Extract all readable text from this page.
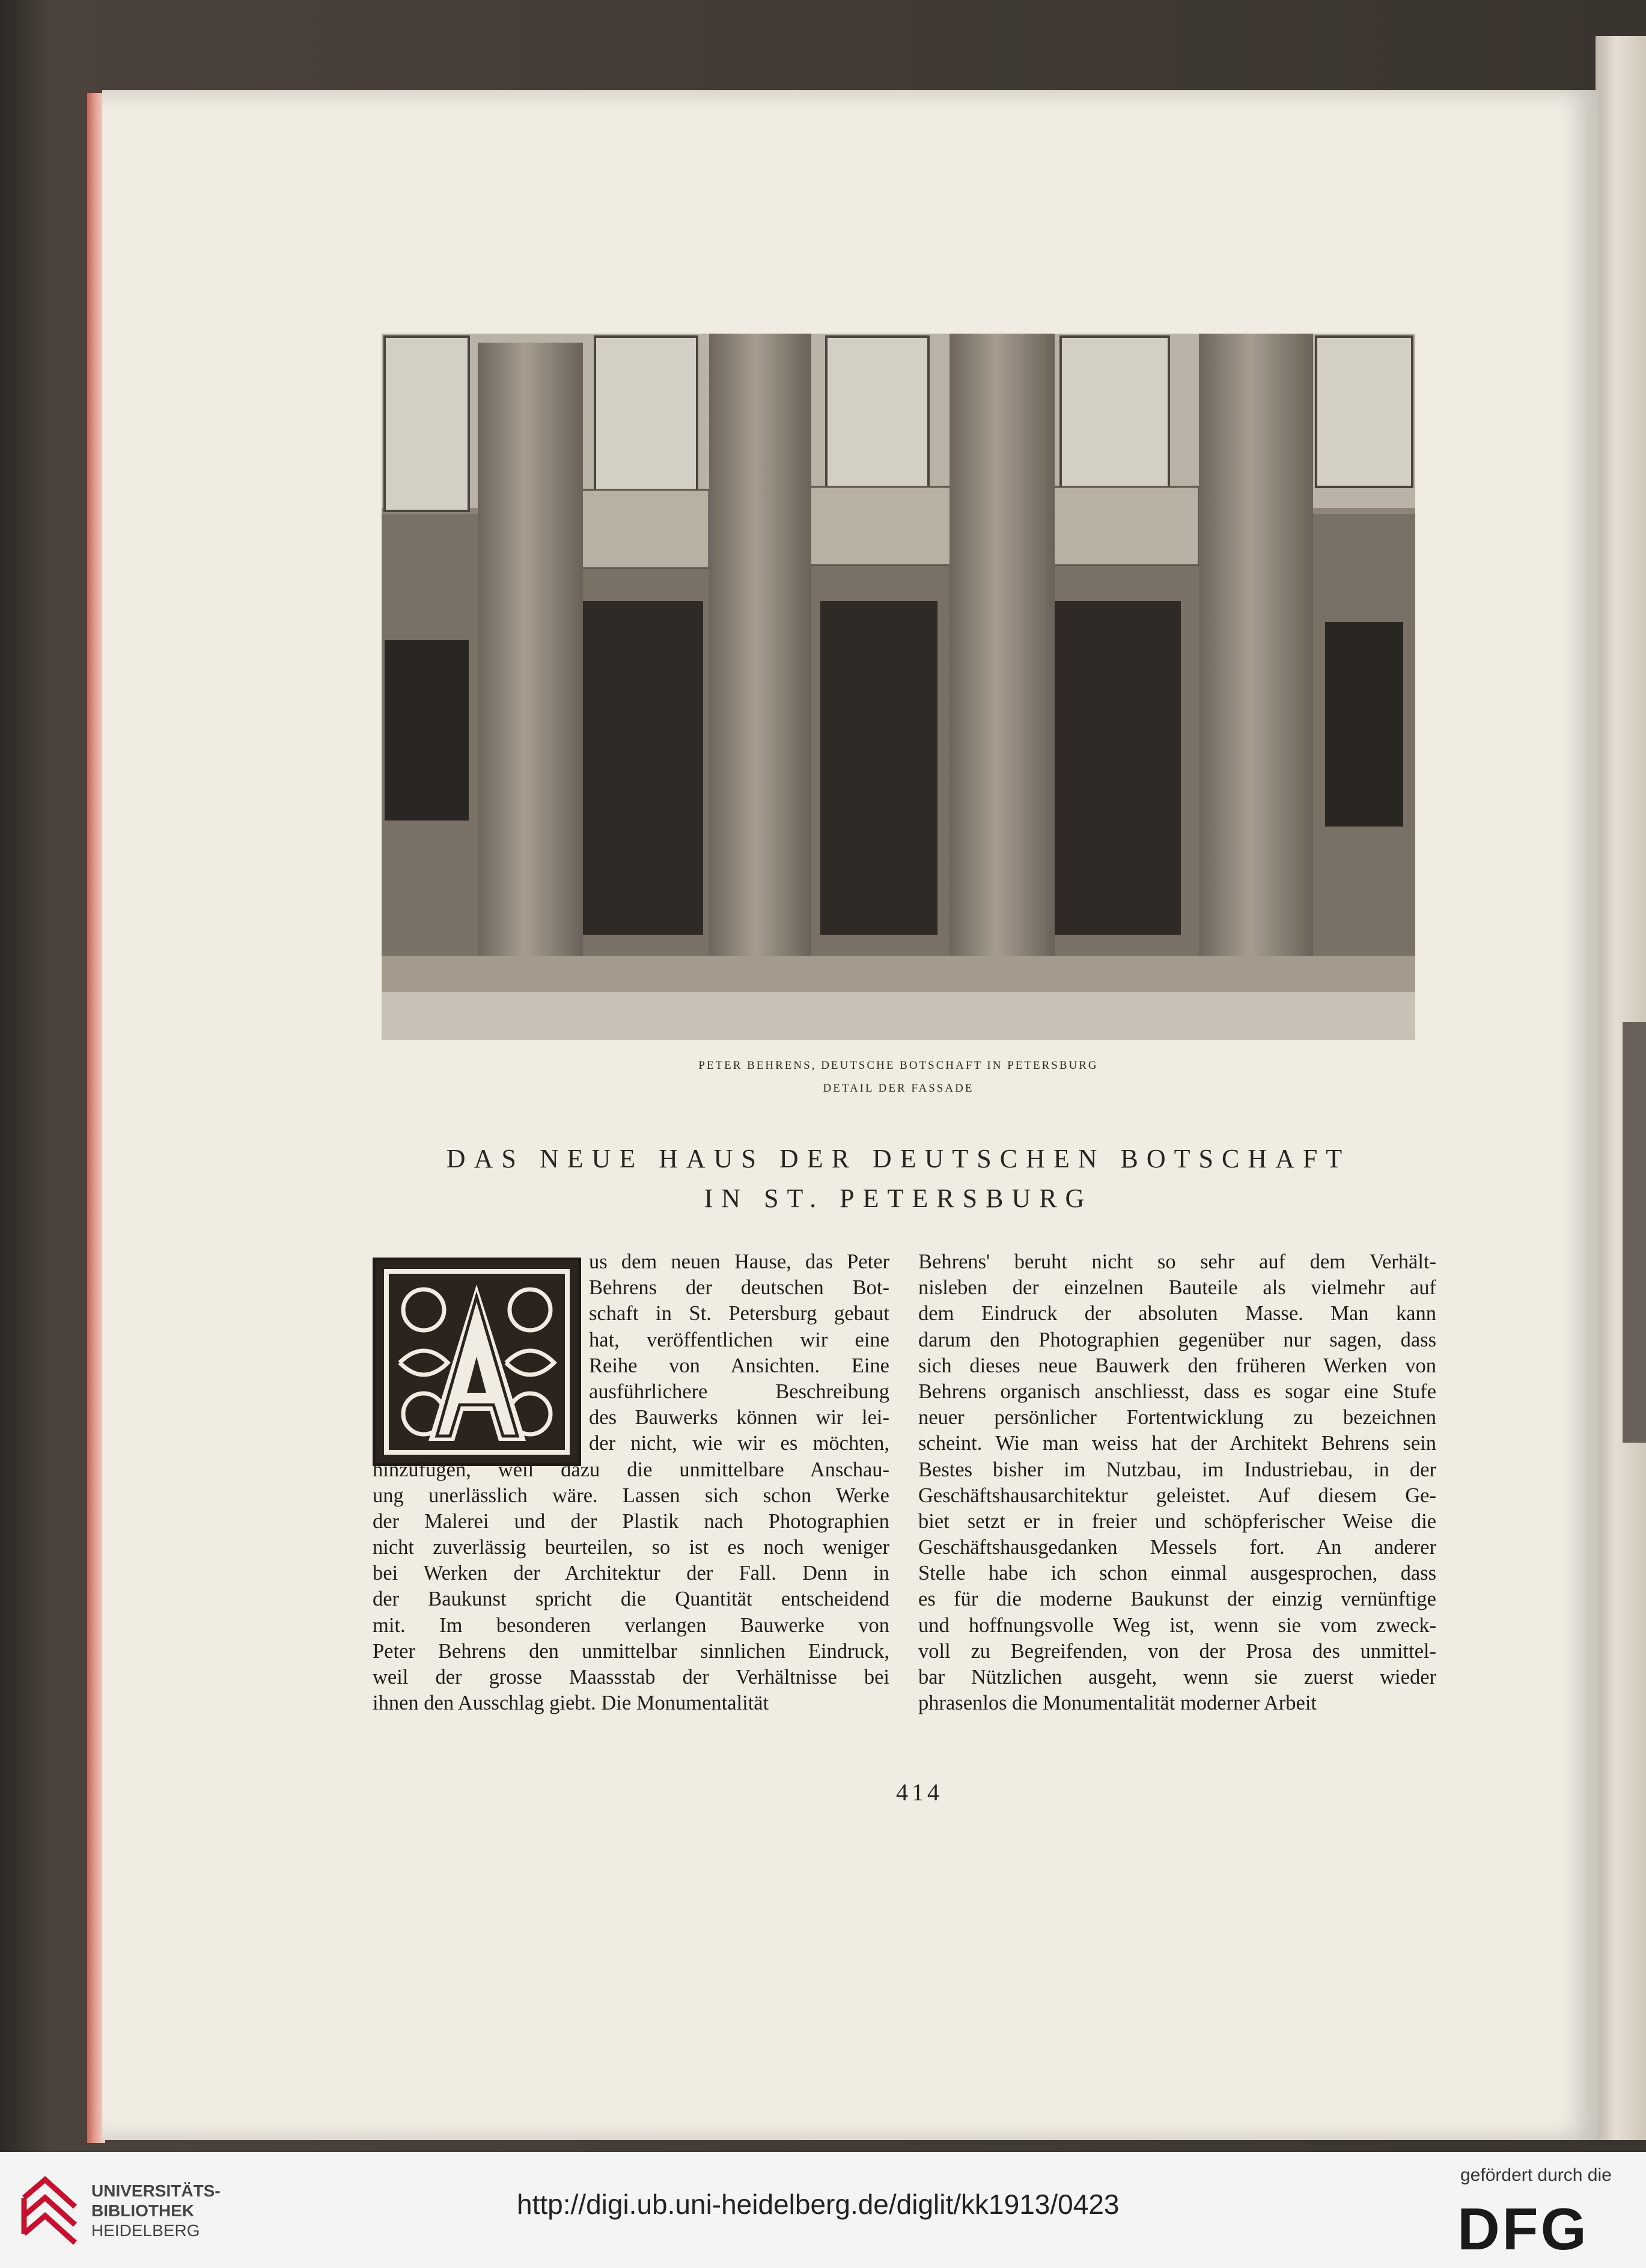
PETER BEHRENS, DEUTSCHE BOTSCHAFT IN PETERSBURG
DETAIL DER FASSADE
DAS NEUE HAUS DER DEUTSCHEN BOTSCHAFT
IN ST. PETERSBURG
us dem neuen Hause, das Peter
Behrens der deutschen Bot-
schaft in St. Petersburg gebaut
hat, veröffentlichen wir eine
Reihe von Ansichten. Eine
ausführlichere Beschreibung
des Bauwerks können wir lei-
der nicht, wie wir es möchten,
hinzufügen, weil dazu die unmittelbare Anschau-
ung unerlässlich wäre. Lassen sich schon Werke
der Malerei und der Plastik nach Photographien
nicht zuverlässig beurteilen, so ist es noch weniger
bei Werken der Architektur der Fall. Denn in
der Baukunst spricht die Quantität entscheidend
mit. Im besonderen verlangen Bauwerke von
Peter Behrens den unmittelbar sinnlichen Eindruck,
weil der grosse Maassstab der Verhältnisse bei
ihnen den Ausschlag giebt. Die Monumentalität
Behrens' beruht nicht so sehr auf dem Verhält-
nisleben der einzelnen Bauteile als vielmehr auf
dem Eindruck der absoluten Masse. Man kann
darum den Photographien gegenüber nur sagen, dass
sich dieses neue Bauwerk den früheren Werken von
Behrens organisch anschliesst, dass es sogar eine Stufe
neuer persönlicher Fortentwicklung zu bezeichnen
scheint. Wie man weiss hat der Architekt Behrens sein
Bestes bisher im Nutzbau, im Industriebau, in der
Geschäftshausarchitektur geleistet. Auf diesem Ge-
biet setzt er in freier und schöpferischer Weise die
Geschäftshausgedanken Messels fort. An anderer
Stelle habe ich schon einmal ausgesprochen, dass
es für die moderne Baukunst der einzig vernünftige
und hoffnungsvolle Weg ist, wenn sie vom zweck-
voll zu Begreifenden, von der Prosa des unmittel-
bar Nützlichen ausgeht, wenn sie zuerst wieder
phrasenlos die Monumentalität moderner Arbeit
414
UNIVERSITÄTS-
BIBLIOTHEK
HEIDELBERG
http://digi.ub.uni-heidelberg.de/diglit/kk1913/0423
gefördert durch die
DFG
